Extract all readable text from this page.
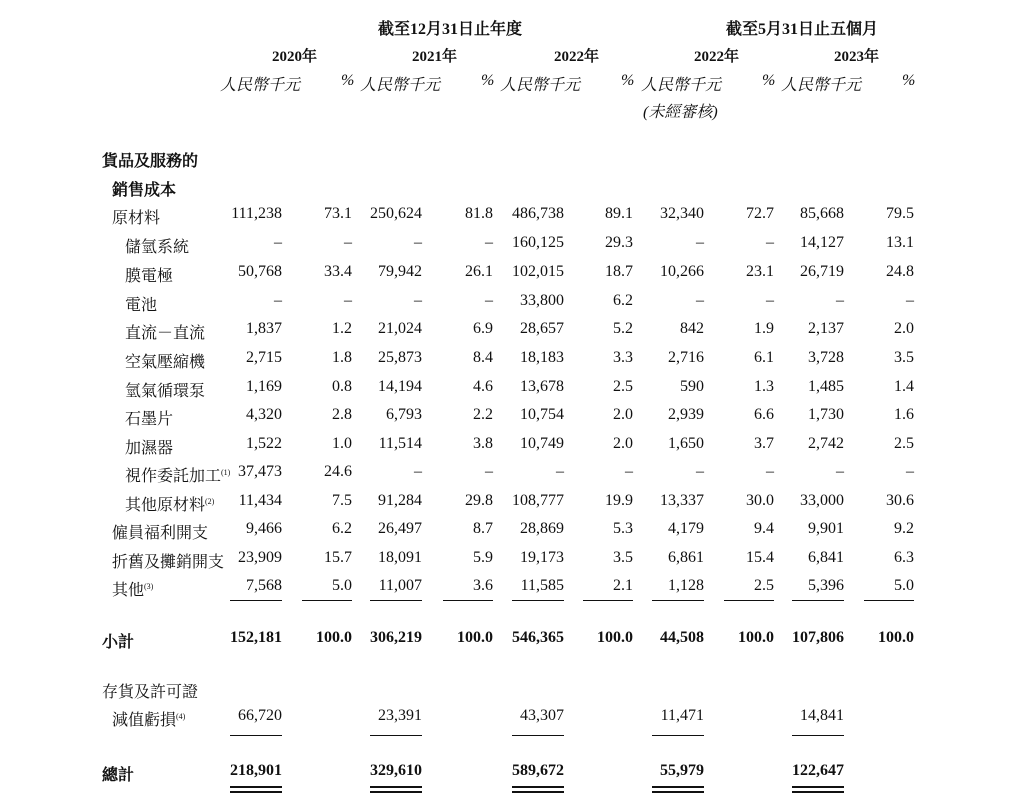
截至12月31日止年度	截至5月31日止五個月
2020年	2021年	2022年	2022年	2023年
人民幣千元	% 人民幣千元	% 人民幣千元	% 人民幣千元	% 人民幣千元	%
(未經審核)
貨品及服務的
銷售成本
原材料	111,238	73.1	250,624	81.8	486,738	89.1	32,340	72.7	85,668	79.5
儲氫系統	–	–	–	–	160,125	29.3	–	–	14,127	13.1
膜電極	50,768	33.4	79,942	26.1	102,015	18.7	10,266	23.1	26,719	24.8
電池	–	–	–	–	33,800	6.2	–	–	–	–
直流－直流	1,837	1.2	21,024	6.9	28,657	5.2	842	1.9	2,137	2.0
空氣壓縮機	2,715	1.8	25,873	8.4	18,183	3.3	2,716	6.1	3,728	3.5
氫氣循環泵	1,169	0.8	14,194	4.6	13,678	2.5	590	1.3	1,485	1.4
石墨片	4,320	2.8	6,793	2.2	10,754	2.0	2,939	6.6	1,730	1.6
加濕器	1,522	1.0	11,514	3.8	10,749	2.0	1,650	3.7	2,742	2.5
視作委託加工$^{(1)}$ 37,473	24.6	–	–	–	–	–	–	–	–
其他原材料$^{(2)}$	11,434	7.5	91,284	29.8	108,777	19.9	13,337	30.0	33,000	30.6
僱員福利開支	9,466	6.2	26,497	8.7	28,869	5.3	4,179	9.4	9,901	9.2
折舊及攤銷開支 23,909	15.7	18,091	5.9	19,173	3.5	6,861	15.4	6,841	6.3
其他$^{(3)}$	7,568	5.0	11,007	3.6	11,585	2.1	1,128	2.5	5,396	5.0
小計	152,181	100.0	306,219	100.0	546,365	100.0	44,508	100.0	107,806	100.0
存貨及許可證
減值虧損$^{(4)}$	66,720	23,391	43,307	11,471	14,841
總計	218,901	329,610	589,672	55,979	122,647
